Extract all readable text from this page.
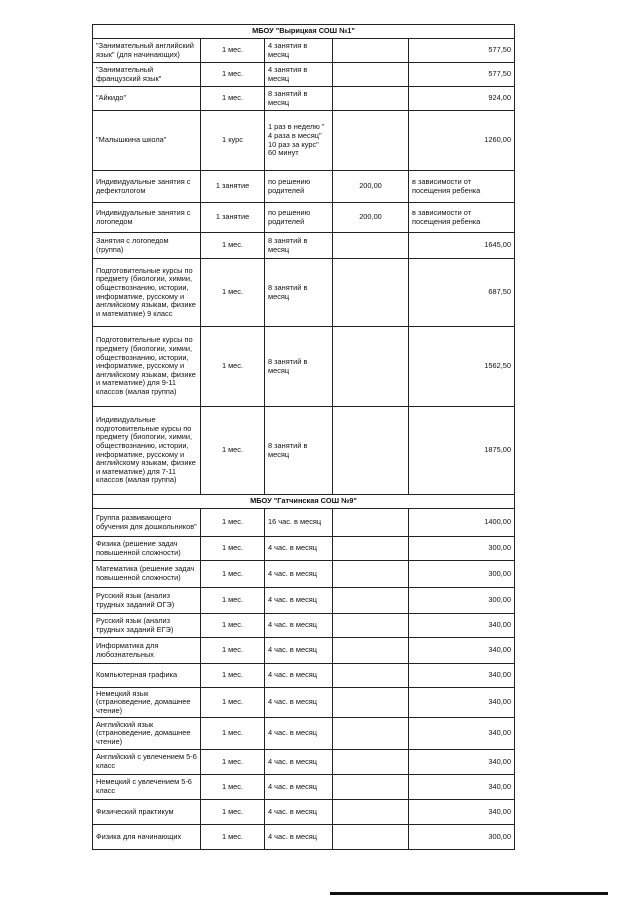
МБОУ "Вырицкая СОШ №1"				
"Занимательный английский язык" (для начинающих)	1 мес.	4 занятия в месяц		577,50
"Занимательный французский язык"	1 мес.	4 занятия в месяц		577,50
"Айкидо"	1 мес.	8 занятий в месяц		924,00
"Малышкина школа"	1 курс	1 раз в неделю " 4 раза в месяц" 10 раз за курс" 60 минут		1260,00
Индивидуальные занятия с дефектологом	1 занятие	по решению родителей	200,00	в зависимости от посещения ребенка
Индивидуальные занятия с логопедом	1 занятие	по решению родителей	200,00	в зависимости от посещения ребенка
Занятия с логопедом (группа)	1 мес.	8 занятий в месяц		1645,00
Подготовительные курсы по предмету (биологии, химии, обществознанию, истории, информатике, русскому и английскому языкам, физике и математике) 9 класс	1 мес.	8 занятий в месяц		687,50
Подготовительные курсы по предмету (биологии, химии, обществознанию, истории, информатике, русскому и английскому языкам, физике и математике) для 9-11 классов (малая группа)	1 мес.	8 занятий в месяц		1562,50
Индивидуальные подготовительные курсы по предмету (биологии, химии, обществознанию, истории, информатике, русскому и английскому языкам, физике и математике) для 7-11 классов (малая группа)	1 мес.	8 занятий в месяц		1875,00
МБОУ "Гатчинская СОШ №9"				
Группа развивающего обучения для дошкольников"	1 мес.	16 час. в месяц		1400,00
Физика (решение задач повышенной сложности)	1 мес.	4 час. в месяц		300,00
Математика (решение задач повышенной сложности)	1 мес.	4 час. в месяц		300,00
Русский язык (анализ трудных заданий ОГЭ)	1 мес.	4 час. в месяц		300,00
Русский язык (анализ трудных заданий ЕГЭ)	1 мес.	4 час. в месяц		340,00
Информатика для любознательных	1 мес.	4 час. в месяц		340,00
Компьютерная графика	1 мес.	4 час. в месяц		340,00
Немецкий язык (страноведение, домашнее чтение)	1 мес.	4 час. в месяц		340,00
Английский язык (страноведение, домашнее чтение)	1 мес.	4 час. в месяц		340,00
Английский с увлечением 5-6 класс	1 мес.	4 час. в месяц		340,00
Немецкий с увлечением 5-6 класс	1 мес.	4 час. в месяц		340,00
Физический практикум	1 мес.	4 час. в месяц		340,00
Физика для начинающих	1 мес.	4 час. в месяц		300,00
